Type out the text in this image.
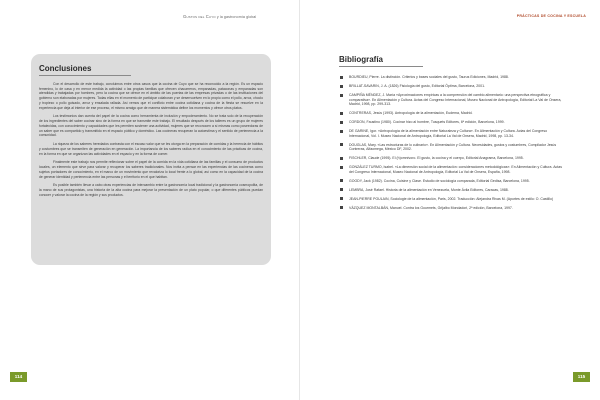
Gustos del Cuyo y la gastronomía global
Conclusiones

Con el desarrollo de este trabajo, concluimos entre otros casos que la cocina de Cuyo que se ha reconocido a la región. Es un espacio femenino, lo de casa y en menor medida la actividad o las propias familias que ofrecen chacarreros, empanadas, pataconas y empanadas son atendidas y trabajadas por hombres, pero la cocina que se ofrece en el ámbito de las puertas de las empresas privadas o de las instituciones del gobierno son elaboradas por mujeres. Todas ellas en el momento de participar colaboran y se desenvuelven en lo propio como el pollo, arroz, choclo y tropiezo o pollo guisado, arroz y ensalada rallada. Así vemos que el conflicto entre cocina cotidiana y cocina de la fiesta se resuelve en la experiencia que deja al interior de ese proceso, el mismo arraigo que de manera sistemática define los momentos y ofrece otros platos.

Los testimonios dan cuenta del papel de la cocina como herramienta de inclusión y empoderamiento. No se trata solo de la recuperación de los ingredientes del saber cocinar sino de la forma en que se transmite este trabajo. El resultado después de los talleres es un grupo de mujeres fortalecidas, con conocimiento y capacidades que les permiten sostener una actividad, mujeres que se reconocen a sí mismas como poseedoras de un saber que es compartido y transmitido en el espacio público y doméstico. Las cocineras recuperan la autoestima y el sentido de pertenencia a la comunidad.

La riqueza de los saberes heredados contrasta con el escaso valor que se les otorga en la preparación de comidas y la herencia de hábitos y costumbres que se transmiten de generación en generación. La importancia de los saberes radica en el conocimiento de las prácticas de cocina, en la forma en que se organizan las actividades en el espacio y en la forma de comer.

Finalmente este trabajo nos permite reflexionar sobre el papel de la comida en la vida cotidiana de las familias y el consumo de productos locales, un elemento que sirve para valorar y recuperar los saberes tradicionales. Nos invita a pensar en las experiencias de las cocineras como sujetos portadores de conocimiento, en el marco de un movimiento que revaloriza lo local frente a lo global, así como en la capacidad de la cocina de generar identidad y pertenencia entre las personas y el territorio en el que habitan.

Es posible también llevar a cabo otras experiencias de intercambio entre la gastronomía local tradicional y la gastronomía cosmopolita, de la mano de sus protagonistas, una historia de la alta cocina para mejorar la presentación de un plato popular, o que diferentes públicos puedan conocer y valorar la cocina de la región y sus productos.

114
PRÁCTICAS DE COCINA Y ESCUELA
115
Bibliografía
BOURDIEU, Pierre. La distinción. Criterios y bases sociales del gusto, Taurus Ediciones, Madrid, 1988.
BRILLAT-SAVARIN, J. A. (1826) Fisiología del gusto, Editorial Óptima, Barcelona, 2001.
CAMPIÑA MÉNDEZ, J. María «Aproximaciones empíricas a la comprensión del cambio alimentario: una perspectiva etnográfica y comparativa». En Alimentación y Cultura. Actas del Congreso Internacional, Museo Nacional de Antropología, Editorial La Val de Onsera, Madrid, 1998, pp. 299-313.
CONTRERAS, Jesús (1993). Antropología de la alimentación, Eudema, Madrid.
CORDON, Faustino (1980). Cocinar hizo al hombre, Tusquets Editores, 6ª edición, Barcelona, 1999.
DE GARINE, Igor. «Antropología de la alimentación entre Naturaleza y Cultura». En Alimentación y Cultura. Actas del Congreso Internacional, Vol. I. Museo Nacional de Antropología, Editorial La Val de Onsera, Madrid, 1998, pp. 13-34.
DOUGLAS, Mary. «Las estructuras de lo culinario». En Alimentación y Cultura. Necesidades, gustos y costumbres, Compilador Jesús Contreras, Alfaomega, México DF, 2002.
FISCHLER, Claude (1995). El (h)omnívoro. El gusto, la cocina y el cuerpo, Editorial Anagrama, Barcelona, 1995.
GONZÁLEZ TURMO, Isabel. «La dimensión social de la alimentación: consideraciones metodológicas». En Alimentación y Cultura. Actas del Congreso Internacional, Museo Nacional de Antropología, Editorial La Val de Onsera, España, 1998.
GOODY, Jack (1982). Cocina, Cuisine y Clase. Estudio de sociología comparada, Editorial Gedisa, Barcelona, 1995.
LEMBRA, José Rafael. Historia de la alimentación en Venezuela, Monte Ávila Editores, Caracas, 1988.
JEAN-PIERRE POULAIN, Sociologie de la alimentación, Paris, 2002. Traducción: Alejandra Rivas M. (Aportes de estilo: O. Castillo)
VÁZQUEZ MONTALBÁN, Manuel. Contra los Gourmets, Grijalbo Mondadori, 2ª edición, Barcelona, 1997.
